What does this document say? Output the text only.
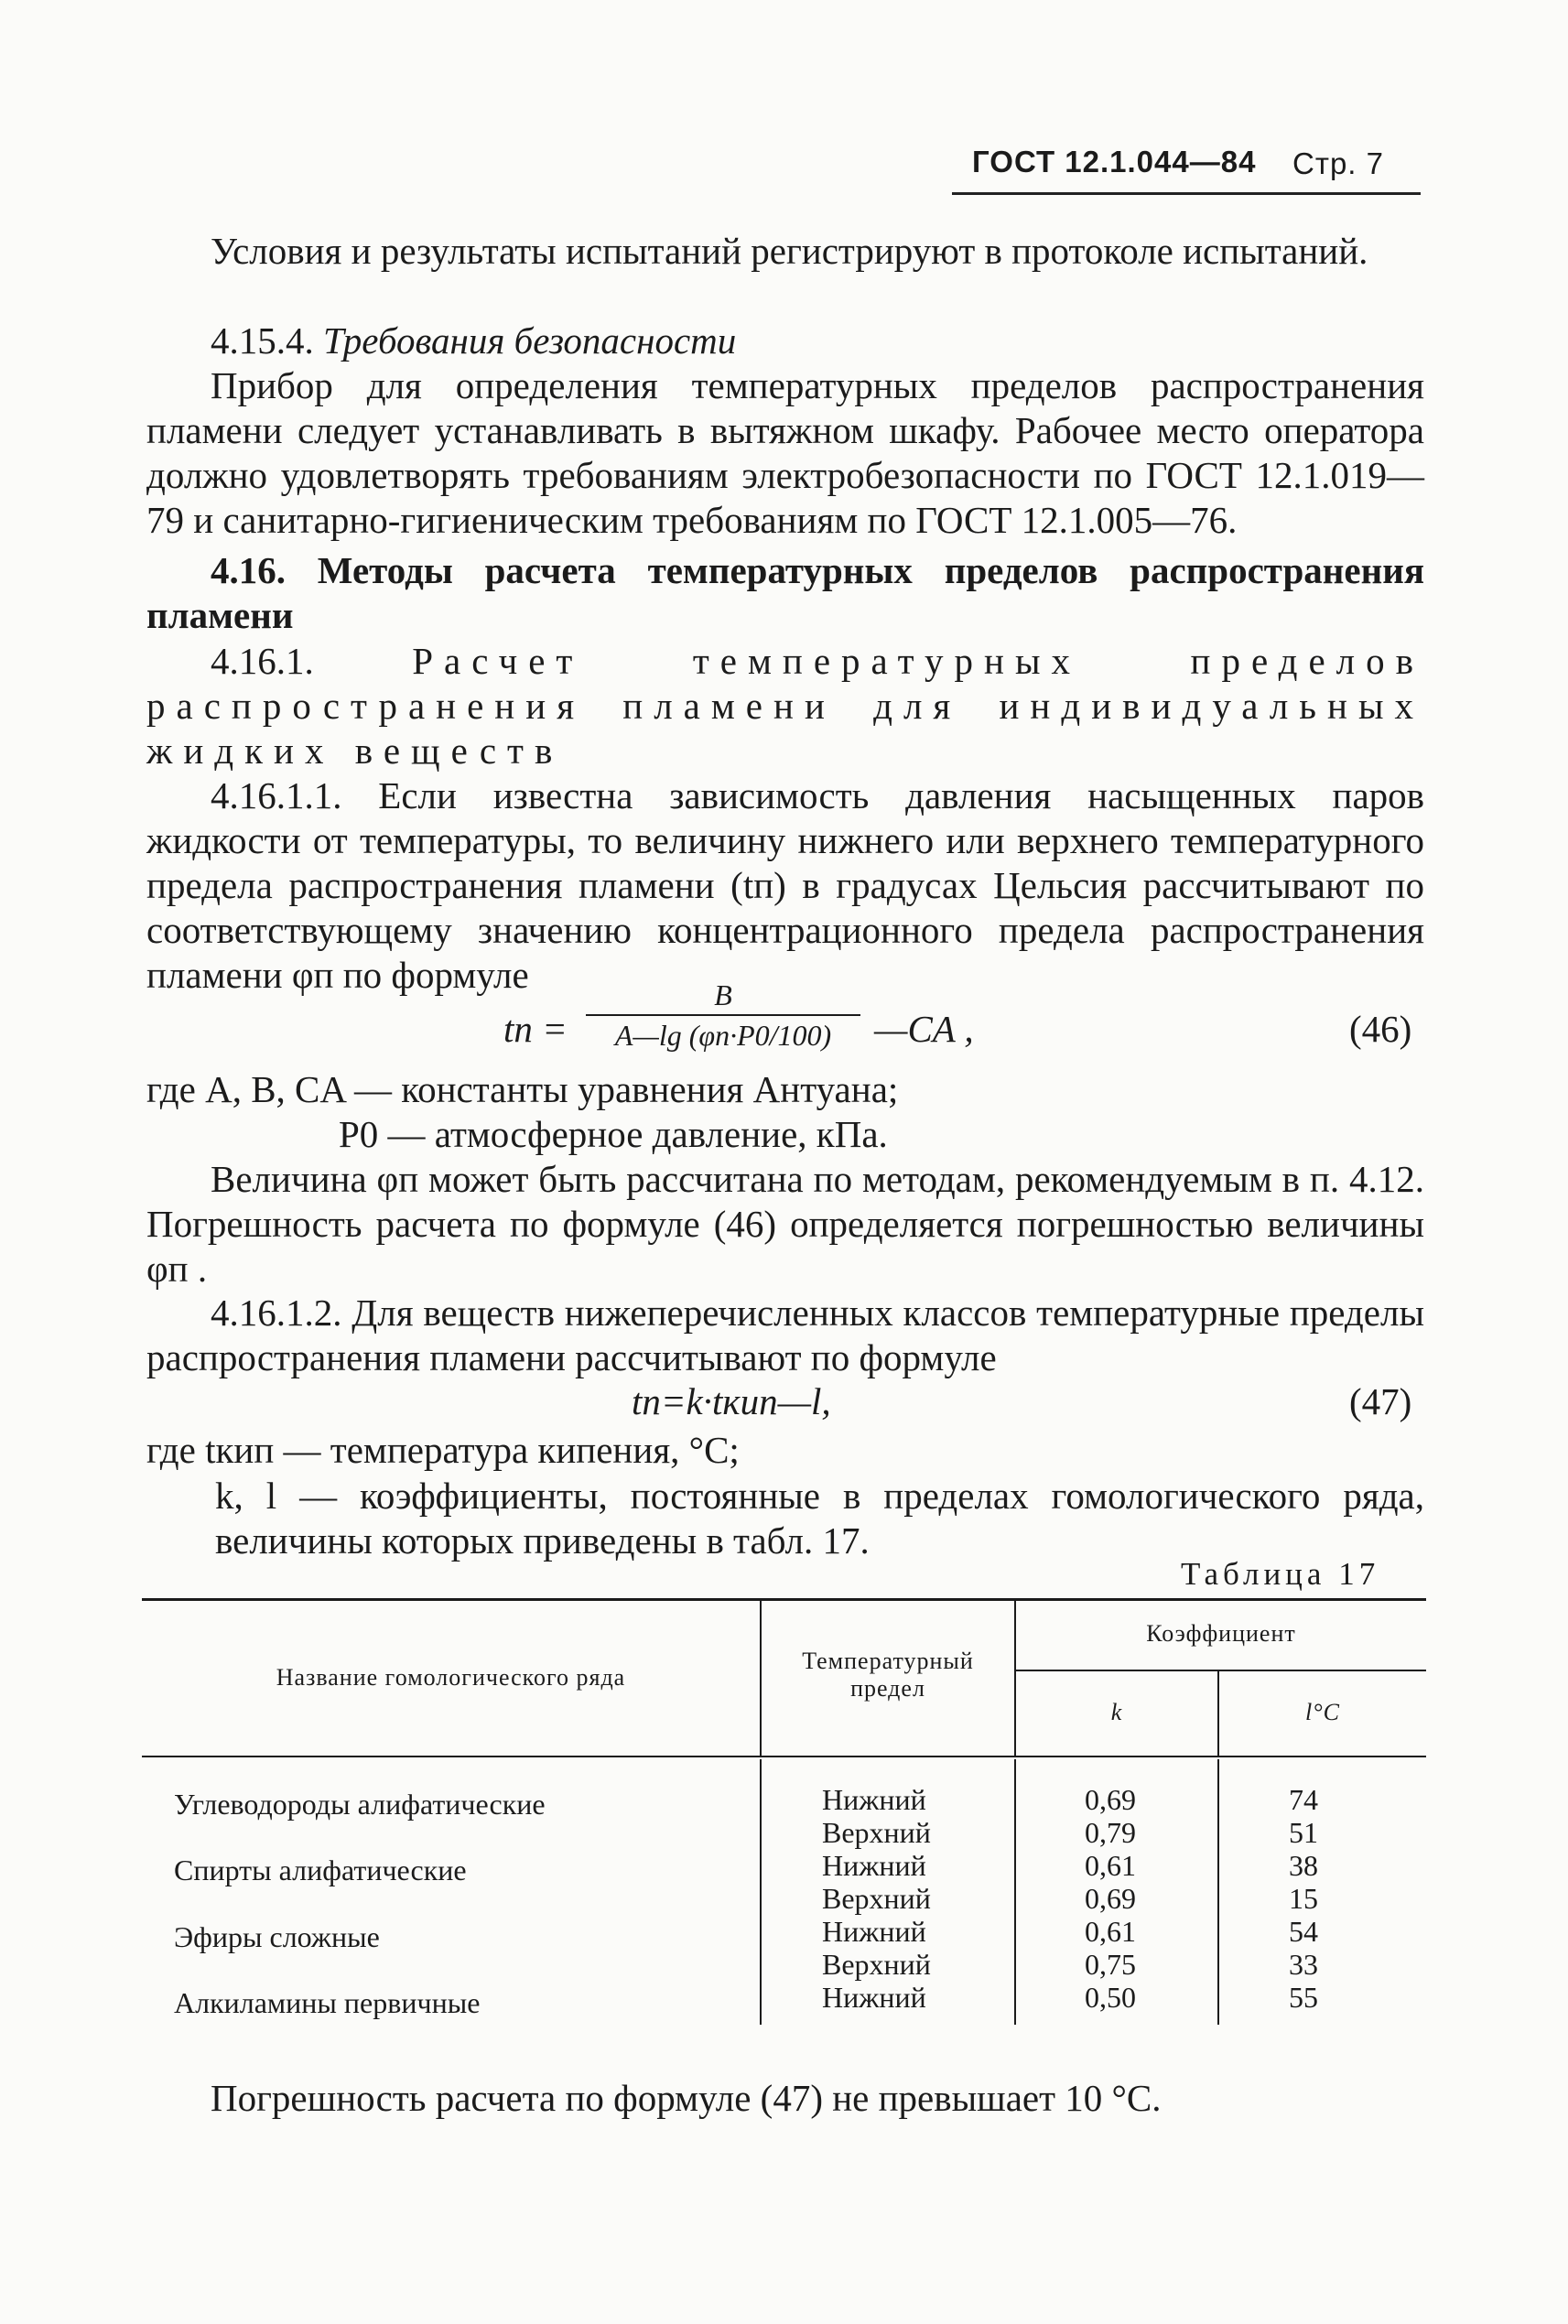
ГОСТ 12.1.044—84 Стр. 7

Условия и результаты испытаний регистрируют в протоколе испытаний.

4.15.4. Требования безопасности

Прибор для определения температурных пределов распространения пламени следует устанавливать в вытяжном шкафу. Рабочее место оператора должно удовлетворять требованиям электробезопасности по ГОСТ 12.1.019—79 и санитарно-гигиеническим требованиям по ГОСТ 12.1.005—76.

4.16. Методы расчета температурных пределов распространения пламени

4.16.1.	Расчет температурных пределов распространения пламени для индивидуальных жидких веществ

4.16.1.1. Если известна зависимость давления насыщенных паров жидкости от температуры, то величину нижнего или верхнего температурного предела распространения пламени (tп) в градусах Цельсия рассчитывают по соответствующему значению концентрационного предела распространения пламени φп по формуле

tп =
B
A—lg (φп·P0/100)	—CA ,	(46)
где A, B, CA — константы уравнения Антуана;
P0 — атмосферное давление, кПа.

Величина φп может быть рассчитана по методам, рекомендуемым в п. 4.12. Погрешность расчета по формуле (46) определяется погрешностью величины φп .

4.16.1.2. Для веществ нижеперечисленных классов температурные пределы распространения пламени рассчитывают по формуле

tп=k·tкип—l,	(47)
где tкип — температура кипения, °С;

k, l — коэффициенты, постоянные в пределах гомологического ряда, величины которых приведены в табл. 17.

Таблица 17
Название гомологического ряда
Температурный предел
Коэффициент
k	l°С
Углеводороды алифатические	Нижний	0,69	74
Верхний	0,79	51
Спирты алифатические	Нижний	0,61	38
Верхний	0,69	15
Эфиры сложные	Нижний	0,61	54
Верхний	0,75	33
Алкиламины первичные	Нижний	0,50	55
Погрешность расчета по формуле (47) не превышает 10 °С.
